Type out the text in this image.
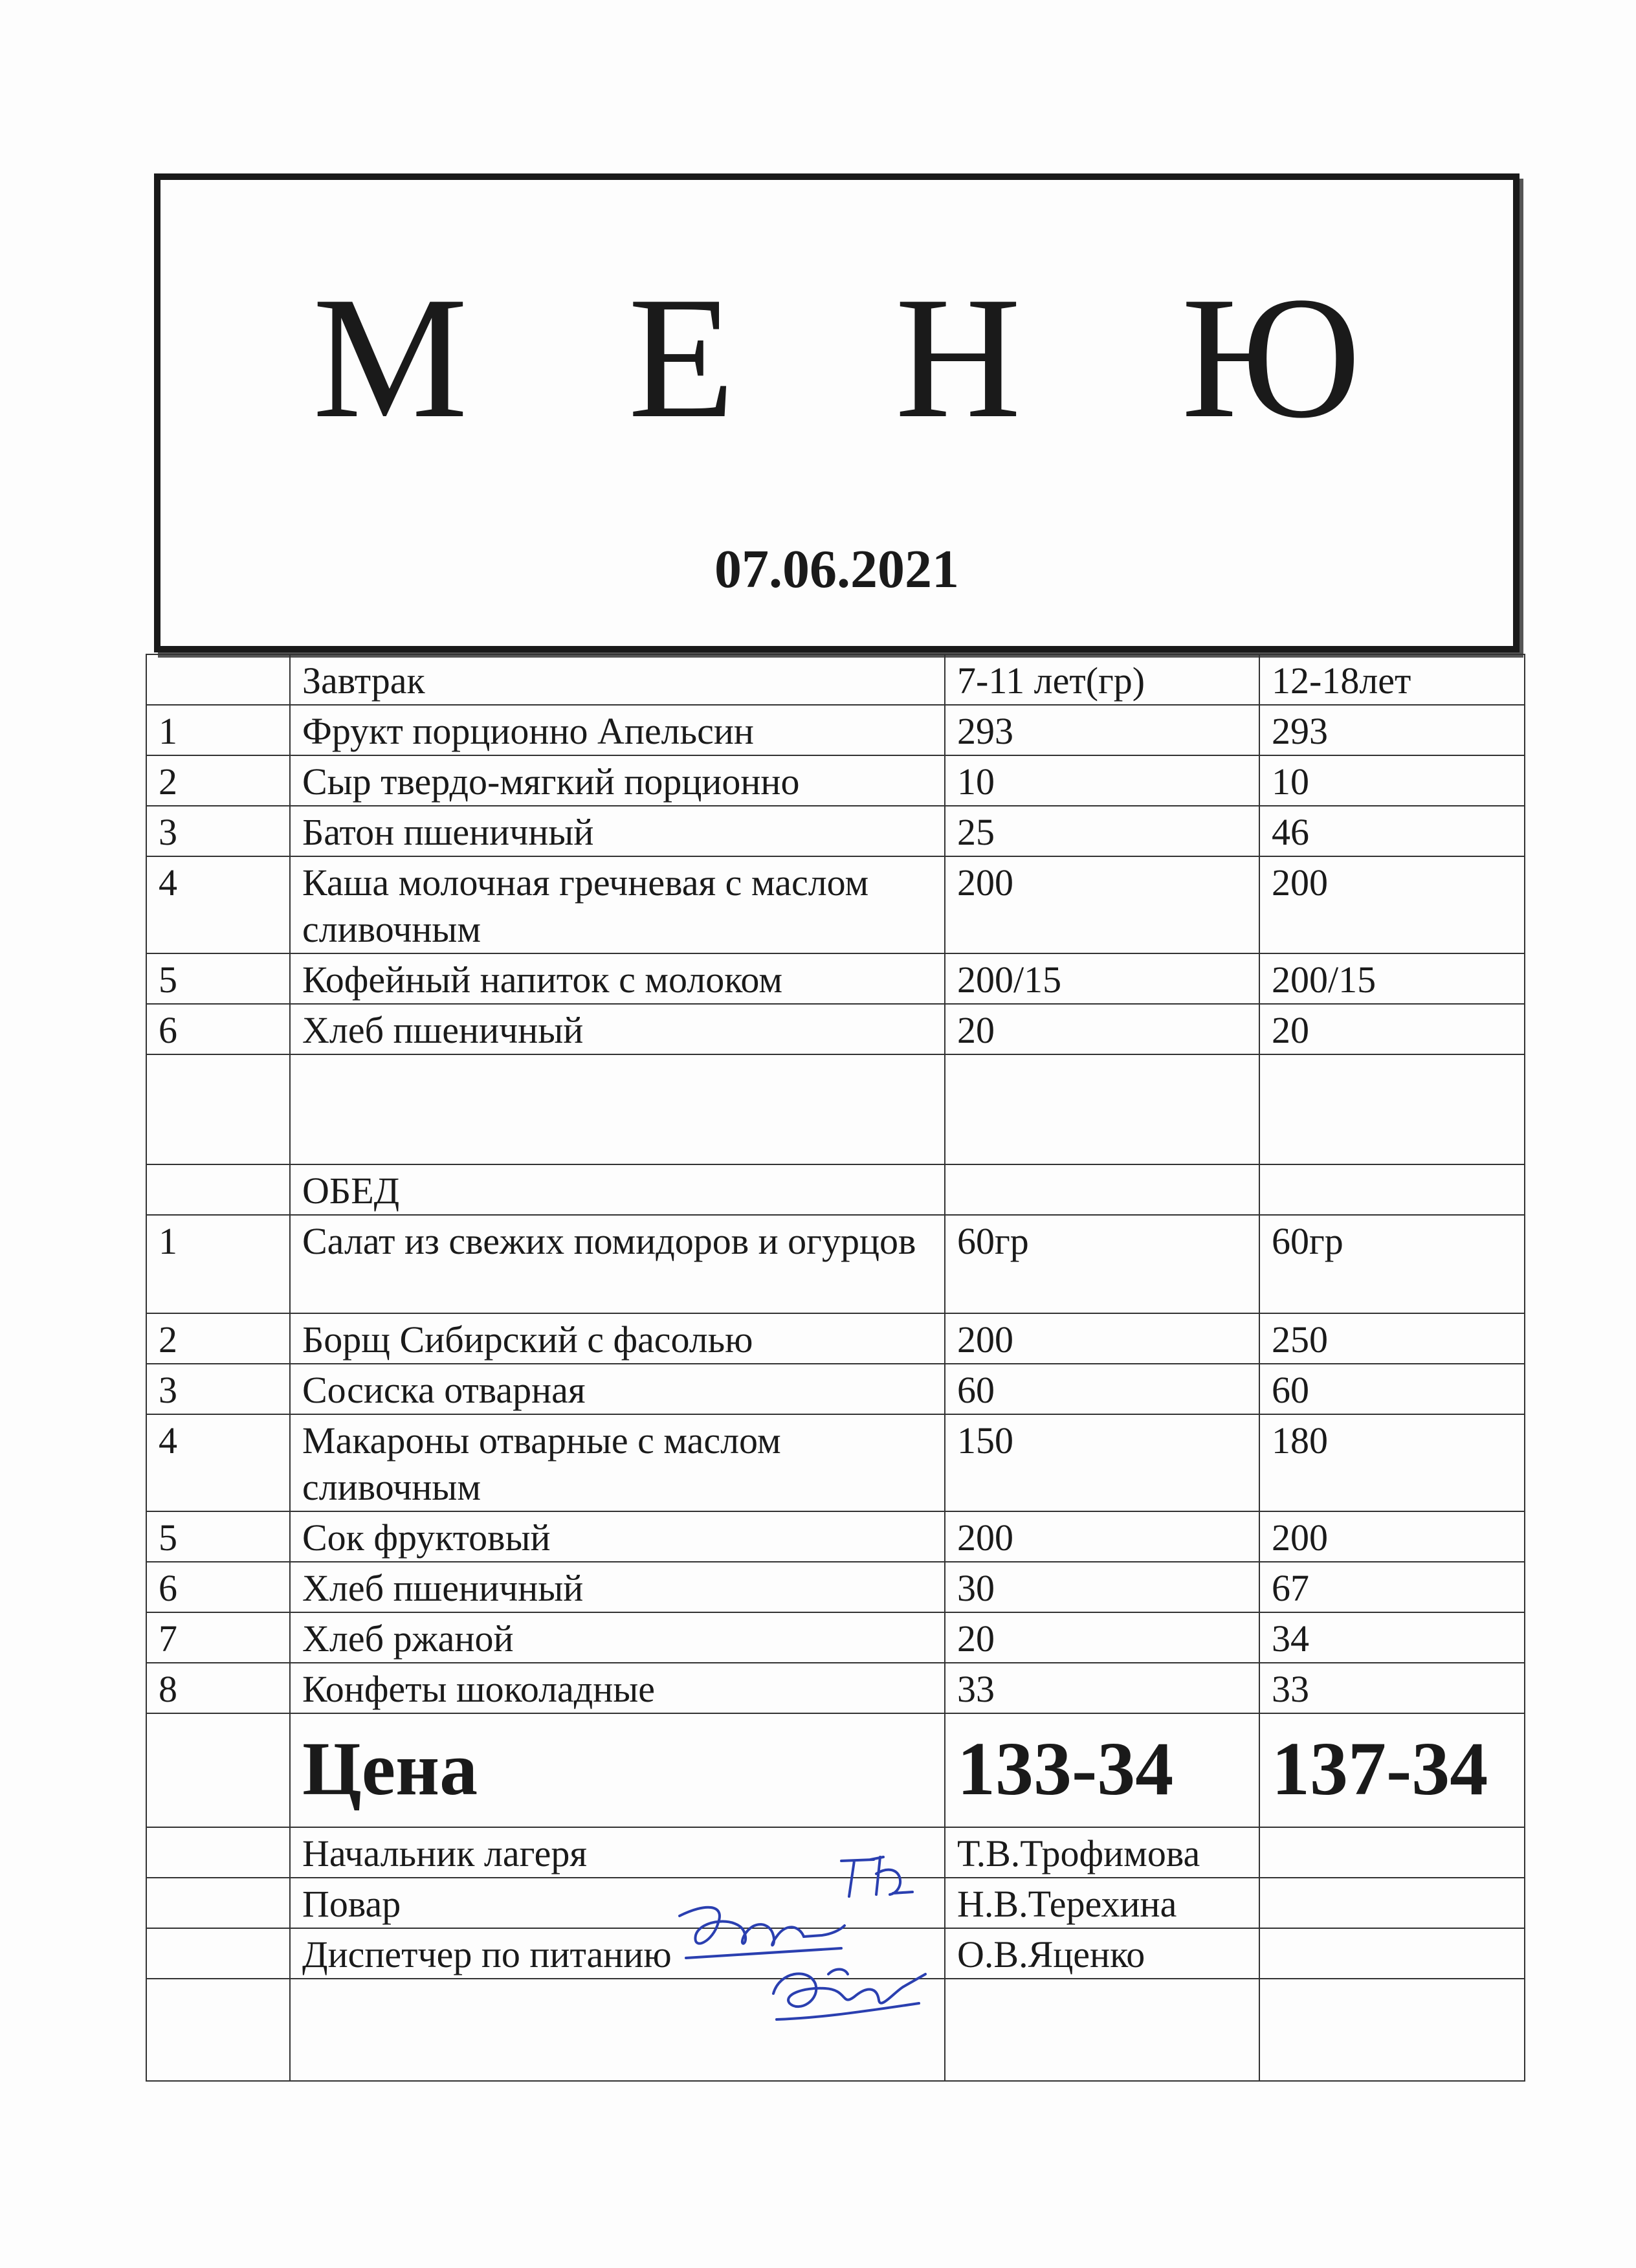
М Е Н Ю
07.06.2021
	Завтрак	7-11 лет(гр)	12-18лет
1	Фрукт порционно Апельсин	293	293
2	Сыр твердо-мягкий порционно	10	10
3	Батон пшеничный	25	46
4	Каша молочная гречневая с маслом сливочным	200	200
5	Кофейный напиток с молоком	200/15	200/15
6	Хлеб пшеничный	20	20

	ОБЕД		
1	Салат из свежих помидоров и огурцов	60гр	60гр
2	Борщ Сибирский с фасолью	200	250
3	Сосиска отварная	60	60
4	Макароны отварные с маслом сливочным	150	180
5	Сок фруктовый	200	200
6	Хлеб пшеничный	30	67
7	Хлеб ржаной	20	34
8	Конфеты шоколадные	33	33
	Цена	133-34	137-34
	Начальник лагеря	Т.В.Трофимова	
	Повар	Н.В.Терехина	
	Диспетчер по питанию	О.В.Яценко	
